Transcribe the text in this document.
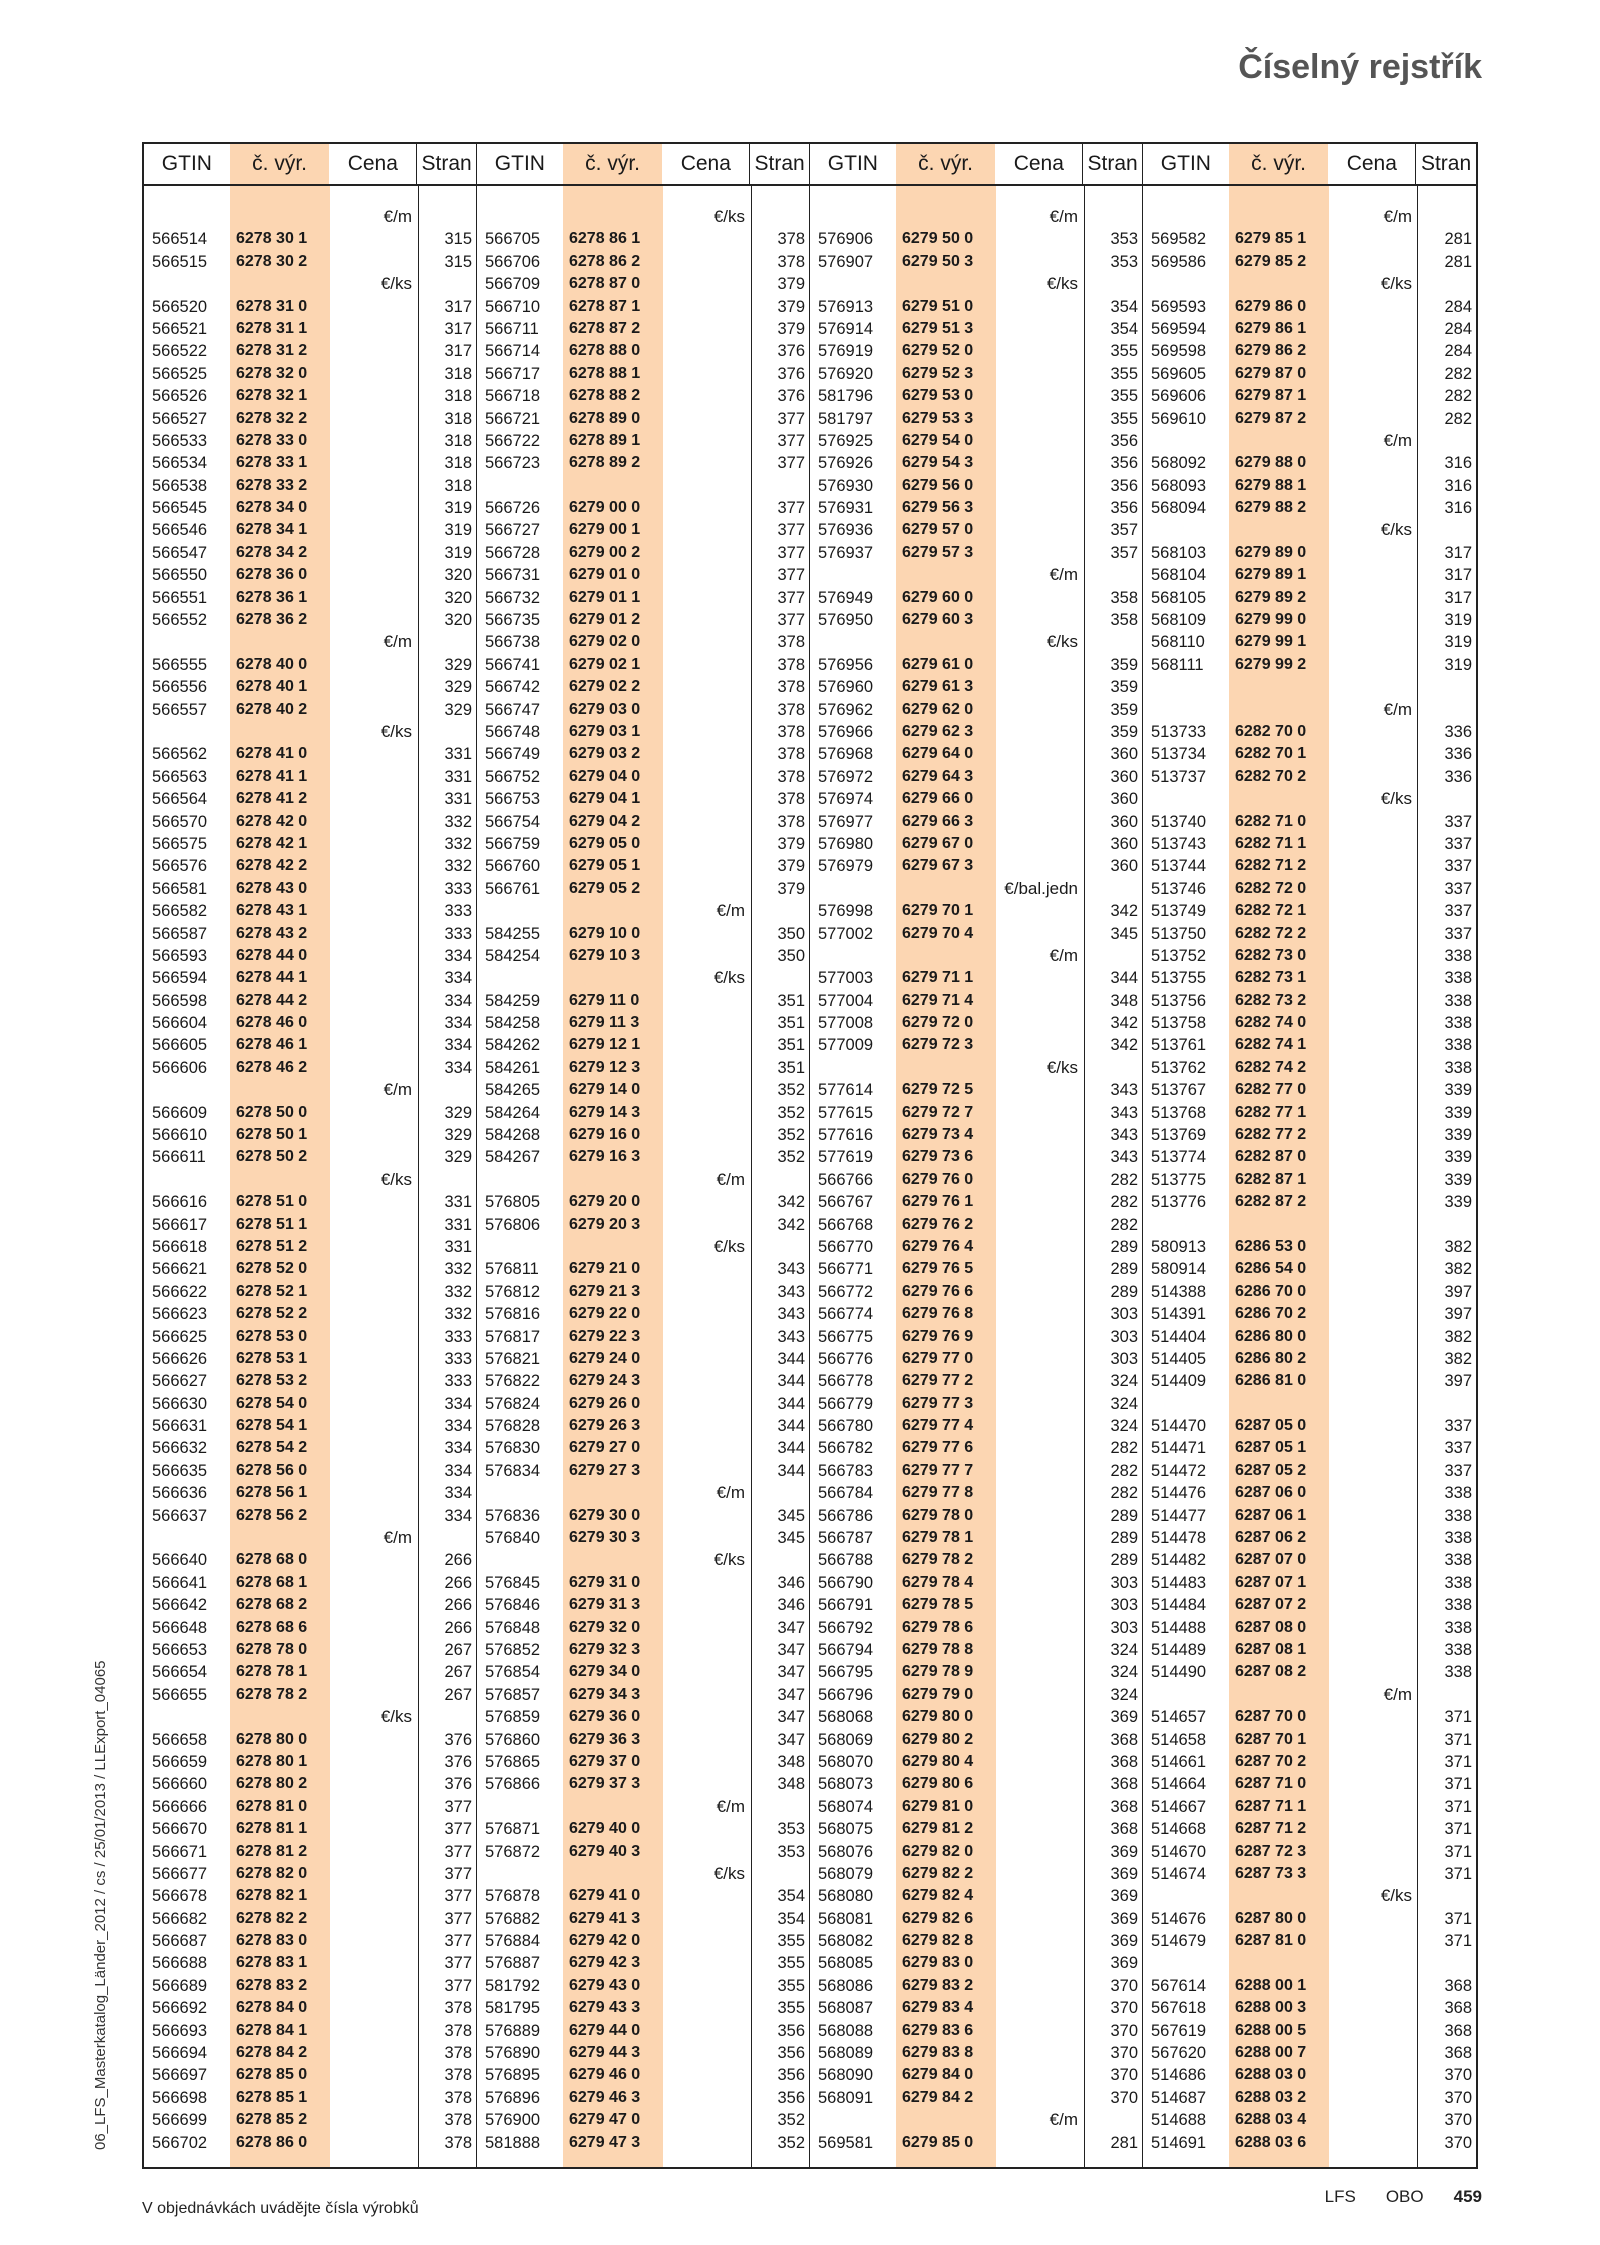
Číselný rejstřík
06_LFS_Masterkatalog_Länder_2012 / cs / 25/01/2013 / LLExport_04065
GTIN	č. výr.	Cena	Stran	GTIN	č. výr.	Cena	Stran	GTIN	č. výr.	Cena	Stran	GTIN	č. výr.	Cena	Stran
€/m
566514 6278 30 1	315
566515 6278 30 2	315
€/ks
566520 6278 31 0	317
566521 6278 31 1	317
566522 6278 31 2	317
566525 6278 32 0	318
566526 6278 32 1	318
566527 6278 32 2	318
566533 6278 33 0	318
566534 6278 33 1	318
566538 6278 33 2	318
566545 6278 34 0	319
566546 6278 34 1	319
566547 6278 34 2	319
566550 6278 36 0	320
566551 6278 36 1	320
566552 6278 36 2	320
€/m
566555 6278 40 0	329
566556 6278 40 1	329
566557 6278 40 2	329
€/ks
566562 6278 41 0	331
566563 6278 41 1	331
566564 6278 41 2	331
566570 6278 42 0	332
566575 6278 42 1	332
566576 6278 42 2	332
566581 6278 43 0	333
566582 6278 43 1	333
566587 6278 43 2	333
566593 6278 44 0	334
566594 6278 44 1	334
566598 6278 44 2	334
566604 6278 46 0	334
566605 6278 46 1	334
566606 6278 46 2	334
€/m
566609 6278 50 0	329
566610 6278 50 1	329
566611 6278 50 2	329
€/ks
566616 6278 51 0	331
566617 6278 51 1	331
566618 6278 51 2	331
566621 6278 52 0	332
566622 6278 52 1	332
566623 6278 52 2	332
566625 6278 53 0	333
566626 6278 53 1	333
566627 6278 53 2	333
566630 6278 54 0	334
566631 6278 54 1	334
566632 6278 54 2	334
566635 6278 56 0	334
566636 6278 56 1	334
566637 6278 56 2	334
€/m
566640 6278 68 0	266
566641 6278 68 1	266
566642 6278 68 2	266
566648 6278 68 6	266
566653 6278 78 0	267
566654 6278 78 1	267
566655 6278 78 2	267
€/ks
566658 6278 80 0	376
566659 6278 80 1	376
566660 6278 80 2	376
566666 6278 81 0	377
566670 6278 81 1	377
566671 6278 81 2	377
566677 6278 82 0	377
566678 6278 82 1	377
566682 6278 82 2	377
566687 6278 83 0	377
566688 6278 83 1	377
566689 6278 83 2	377
566692 6278 84 0	378
566693 6278 84 1	378
566694 6278 84 2	378
566697 6278 85 0	378
566698 6278 85 1	378
566699 6278 85 2	378
566702 6278 86 0	378
€/ks
566705 6278 86 1	378
566706 6278 86 2	378
566709 6278 87 0	379
566710 6278 87 1	379
566711 6278 87 2	379
566714 6278 88 0	376
566717 6278 88 1	376
566718 6278 88 2	376
566721 6278 89 0	377
566722 6278 89 1	377
566723 6278 89 2	377
566726 6279 00 0	377
566727 6279 00 1	377
566728 6279 00 2	377
566731 6279 01 0	377
566732 6279 01 1	377
566735 6279 01 2	377
566738 6279 02 0	378
566741 6279 02 1	378
566742 6279 02 2	378
566747 6279 03 0	378
566748 6279 03 1	378
566749 6279 03 2	378
566752 6279 04 0	378
566753 6279 04 1	378
566754 6279 04 2	378
566759 6279 05 0	379
566760 6279 05 1	379
566761 6279 05 2	379
€/m
584255 6279 10 0	350
584254 6279 10 3	350
€/ks
584259 6279 11 0	351
584258 6279 11 3	351
584262 6279 12 1	351
584261 6279 12 3	351
584265 6279 14 0	352
584264 6279 14 3	352
584268 6279 16 0	352
584267 6279 16 3	352
€/m
576805 6279 20 0	342
576806 6279 20 3	342
€/ks
576811 6279 21 0	343
576812 6279 21 3	343
576816 6279 22 0	343
576817 6279 22 3	343
576821 6279 24 0	344
576822 6279 24 3	344
576824 6279 26 0	344
576828 6279 26 3	344
576830 6279 27 0	344
576834 6279 27 3	344
€/m
576836 6279 30 0	345
576840 6279 30 3	345
€/ks
576845 6279 31 0	346
576846 6279 31 3	346
576848 6279 32 0	347
576852 6279 32 3	347
576854 6279 34 0	347
576857 6279 34 3	347
576859 6279 36 0	347
576860 6279 36 3	347
576865 6279 37 0	348
576866 6279 37 3	348
€/m
576871 6279 40 0	353
576872 6279 40 3	353
€/ks
576878 6279 41 0	354
576882 6279 41 3	354
576884 6279 42 0	355
576887 6279 42 3	355
581792 6279 43 0	355
581795 6279 43 3	355
576889 6279 44 0	356
576890 6279 44 3	356
576895 6279 46 0	356
576896 6279 46 3	356
576900 6279 47 0	352
581888 6279 47 3	352
€/m
576906 6279 50 0	353
576907 6279 50 3	353
€/ks
576913 6279 51 0	354
576914 6279 51 3	354
576919 6279 52 0	355
576920 6279 52 3	355
581796 6279 53 0	355
581797 6279 53 3	355
576925 6279 54 0	356
576926 6279 54 3	356
576930 6279 56 0	356
576931 6279 56 3	356
576936 6279 57 0	357
576937 6279 57 3	357
€/m
576949 6279 60 0	358
576950 6279 60 3	358
€/ks
576956 6279 61 0	359
576960 6279 61 3	359
576962 6279 62 0	359
576966 6279 62 3	359
576968 6279 64 0	360
576972 6279 64 3	360
576974 6279 66 0	360
576977 6279 66 3	360
576980 6279 67 0	360
576979 6279 67 3	360
€/bal.jedn
576998 6279 70 1	342
577002 6279 70 4	345
€/m
577003 6279 71 1	344
577004 6279 71 4	348
577008 6279 72 0	342
577009 6279 72 3	342
€/ks
577614 6279 72 5	343
577615 6279 72 7	343
577616 6279 73 4	343
577619 6279 73 6	343
566766 6279 76 0	282
566767 6279 76 1	282
566768 6279 76 2	282
566770 6279 76 4	289
566771 6279 76 5	289
566772 6279 76 6	289
566774 6279 76 8	303
566775 6279 76 9	303
566776 6279 77 0	303
566778 6279 77 2	324
566779 6279 77 3	324
566780 6279 77 4	324
566782 6279 77 6	282
566783 6279 77 7	282
566784 6279 77 8	282
566786 6279 78 0	289
566787 6279 78 1	289
566788 6279 78 2	289
566790 6279 78 4	303
566791 6279 78 5	303
566792 6279 78 6	303
566794 6279 78 8	324
566795 6279 78 9	324
566796 6279 79 0	324
568068 6279 80 0	369
568069 6279 80 2	368
568070 6279 80 4	368
568073 6279 80 6	368
568074 6279 81 0	368
568075 6279 81 2	368
568076 6279 82 0	369
568079 6279 82 2	369
568080 6279 82 4	369
568081 6279 82 6	369
568082 6279 82 8	369
568085 6279 83 0	369
568086 6279 83 2	370
568087 6279 83 4	370
568088 6279 83 6	370
568089 6279 83 8	370
568090 6279 84 0	370
568091 6279 84 2	370
€/m
569581 6279 85 0	281
€/m
569582 6279 85 1	281
569586 6279 85 2	281
€/ks
569593 6279 86 0	284
569594 6279 86 1	284
569598 6279 86 2	284
569605 6279 87 0	282
569606 6279 87 1	282
569610 6279 87 2	282
€/m
568092 6279 88 0	316
568093 6279 88 1	316
568094 6279 88 2	316
€/ks
568103 6279 89 0	317
568104 6279 89 1	317
568105 6279 89 2	317
568109 6279 99 0	319
568110 6279 99 1	319
568111 6279 99 2	319
€/m
513733 6282 70 0	336
513734 6282 70 1	336
513737 6282 70 2	336
€/ks
513740 6282 71 0	337
513743 6282 71 1	337
513744 6282 71 2	337
513746 6282 72 0	337
513749 6282 72 1	337
513750 6282 72 2	337
513752 6282 73 0	338
513755 6282 73 1	338
513756 6282 73 2	338
513758 6282 74 0	338
513761 6282 74 1	338
513762 6282 74 2	338
513767 6282 77 0	339
513768 6282 77 1	339
513769 6282 77 2	339
513774 6282 87 0	339
513775 6282 87 1	339
513776 6282 87 2	339
580913 6286 53 0	382
580914 6286 54 0	382
514388 6286 70 0	397
514391 6286 70 2	397
514404 6286 80 0	382
514405 6286 80 2	382
514409 6286 81 0	397
514470 6287 05 0	337
514471 6287 05 1	337
514472 6287 05 2	337
514476 6287 06 0	338
514477 6287 06 1	338
514478 6287 06 2	338
514482 6287 07 0	338
514483 6287 07 1	338
514484 6287 07 2	338
514488 6287 08 0	338
514489 6287 08 1	338
514490 6287 08 2	338
€/m
514657 6287 70 0	371
514658 6287 70 1	371
514661 6287 70 2	371
514664 6287 71 0	371
514667 6287 71 1	371
514668 6287 71 2	371
514670 6287 72 3	371
514674 6287 73 3	371
€/ks
514676 6287 80 0	371
514679 6287 81 0	371
567614 6288 00 1	368
567618 6288 00 3	368
567619 6288 00 5	368
567620 6288 00 7	368
514686 6288 03 0	370
514687 6288 03 2	370
514688 6288 03 4	370
514691 6288 03 6	370
V objednávkách uvádějte čísla výrobků
LFS OBO 459
